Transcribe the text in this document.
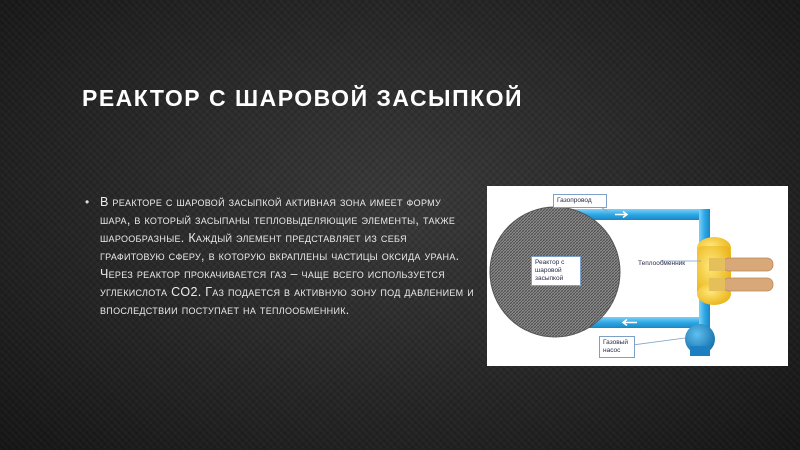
РЕАКТОР С ШАРОВОЙ ЗАСЫПКОЙ
• В реакторе с шаровой засыпкой активная зона имеет форму шара, в который засыпаны тепловыделяющие элементы, также шарообразные. Каждый элемент представляет из себя графитовую сферу, в которую вкраплены частицы оксида урана. Через реактор прокачивается газ – чаще всего используется углекислота CO2. Газ подается в активную зону под давлением и впоследствии поступает на теплообменник.
Газопровод
Реактор с шаровой засыпкой
Теплообменник
Газовый насос
